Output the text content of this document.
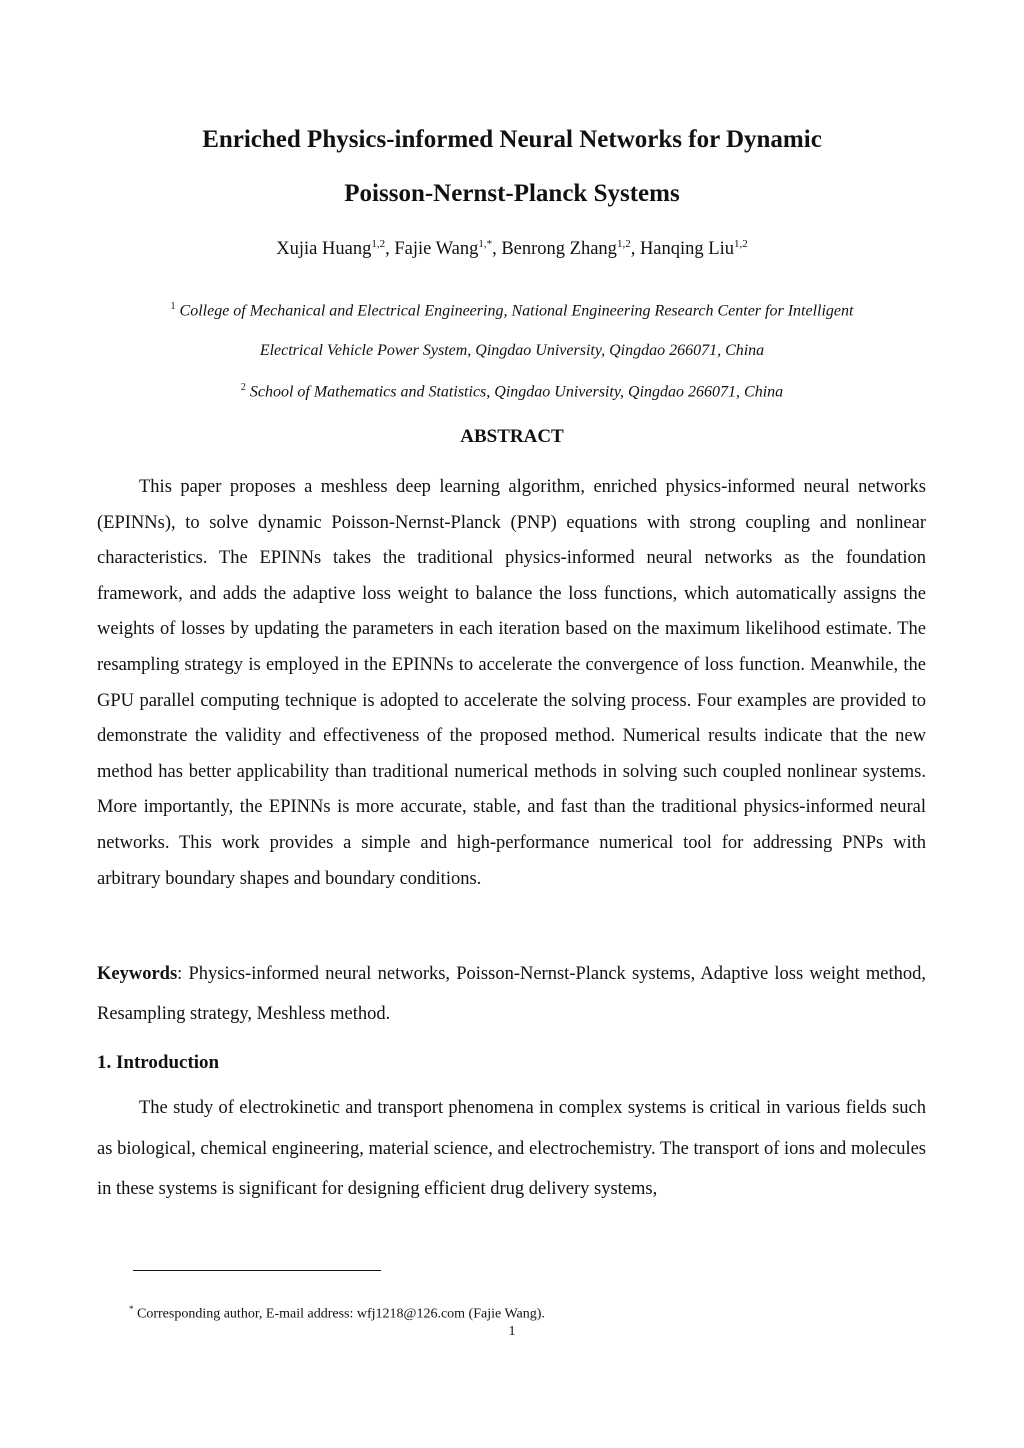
Enriched Physics-informed Neural Networks for Dynamic
Poisson-Nernst-Planck Systems
Xujia Huang$^{1,2}$, Fajie Wang$^{1,*}$, Benrong Zhang$^{1,2}$, Hanqing Liu$^{1,2}$
$^1$ College of Mechanical and Electrical Engineering, National Engineering Research Center for Intelligent
Electrical Vehicle Power System, Qingdao University, Qingdao 266071, China
$^2$ School of Mathematics and Statistics, Qingdao University, Qingdao 266071, China
ABSTRACT

This paper proposes a meshless deep learning algorithm, enriched physics-informed neural networks (EPINNs), to solve dynamic Poisson-Nernst-Planck (PNP) equations with strong coupling and nonlinear characteristics. The EPINNs takes the traditional physics-informed neural networks as the foundation framework, and adds the adaptive loss weight to balance the loss functions, which automatically assigns the weights of losses by updating the parameters in each iteration based on the maximum likelihood estimate. The resampling strategy is employed in the EPINNs to accelerate the convergence of loss function. Meanwhile, the GPU parallel computing technique is adopted to accelerate the solving process. Four examples are provided to demonstrate the validity and effectiveness of the proposed method. Numerical results indicate that the new method has better applicability than traditional numerical methods in solving such coupled nonlinear systems. More importantly, the EPINNs is more accurate, stable, and fast than the traditional physics-informed neural networks. This work provides a simple and high-performance numerical tool for addressing PNPs with arbitrary boundary shapes and boundary conditions.

Keywords: Physics-informed neural networks, Poisson-Nernst-Planck systems, Adaptive loss weight method, Resampling strategy, Meshless method.

1. Introduction

The study of electrokinetic and transport phenomena in complex systems is critical in various fields such as biological, chemical engineering, material science, and electrochemistry. The transport of ions and molecules in these systems is significant for designing efficient drug delivery systems,

* Corresponding author, E-mail address: wfj1218@126.com (Fajie Wang).
1
